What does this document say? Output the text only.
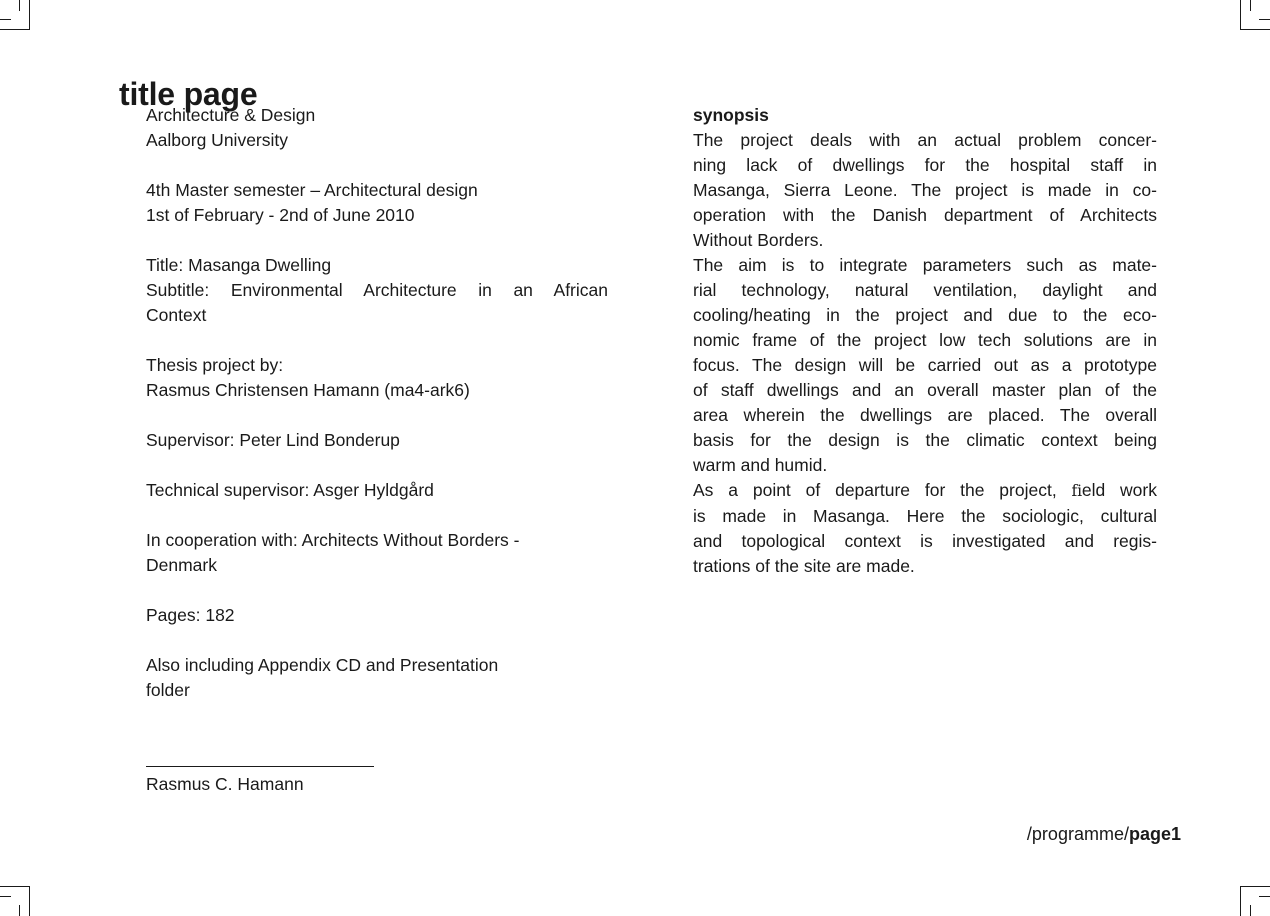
title page
Architecture & Design
Aalborg University
4th Master semester – Architectural design
1st of February - 2nd of June 2010
Title: Masanga Dwelling
Subtitle: Environmental Architecture in an African
Context
Thesis project by:
Rasmus Christensen Hamann (ma4-ark6)
Supervisor: Peter Lind Bonderup
Technical supervisor: Asger Hyldgård
In cooperation with: Architects Without Borders -
Denmark
Pages: 182
Also including Appendix CD and Presentation
folder
Rasmus C. Hamann
synopsis
The project deals with an actual problem concer-
ning lack of dwellings for the hospital staff in
Masanga, Sierra Leone. The project is made in co-
operation with the Danish department of Architects
Without Borders.
The aim is to integrate parameters such as mate-
rial technology, natural ventilation, daylight and
cooling/heating in the project and due to the eco-
nomic frame of the project low tech solutions are in
focus. The design will be carried out as a prototype
of staff dwellings and an overall master plan of the
area wherein the dwellings are placed. The overall
basis for the design is the climatic context being
warm and humid.
As a point of departure for the project, field work
is made in Masanga. Here the sociologic, cultural
and topological context is investigated and regis-
trations of the site are made.
/programme/page1
